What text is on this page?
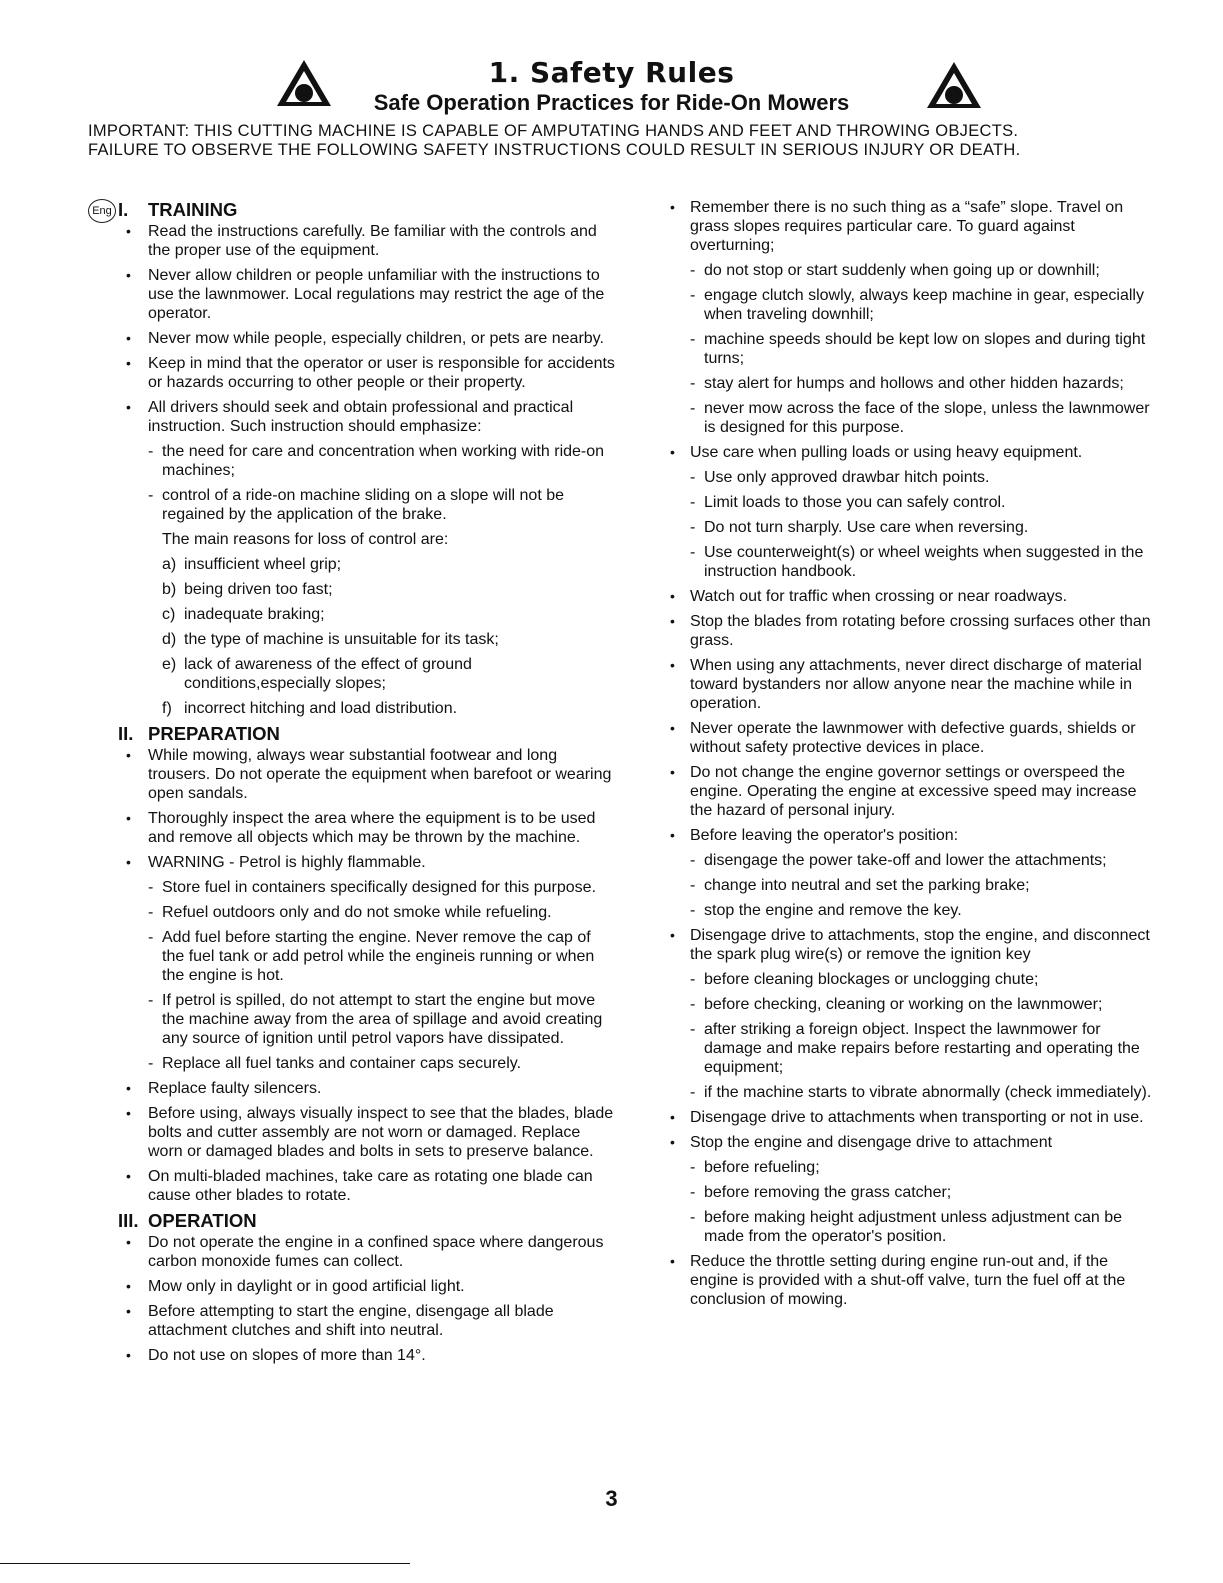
1. Safety Rules
Safe Operation Practices for Ride-On Mowers
IMPORTANT: THIS CUTTING MACHINE IS CAPABLE OF AMPUTATING HANDS AND FEET AND THROWING OBJECTS.
FAILURE TO OBSERVE THE FOLLOWING SAFETY INSTRUCTIONS COULD RESULT IN SERIOUS INJURY OR DEATH.
Eng I. TRAINING
• Read the instructions carefully. Be familiar with the controls and the proper use of the equipment.
• Never allow children or people unfamiliar with the instructions to use the lawnmower. Local regulations may restrict the age of the operator.
• Never mow while people, especially children, or pets are nearby.
• Keep in mind that the operator or user is responsible for accidents or hazards occurring to other people or their property.
• All drivers should seek and obtain professional and practical instruction. Such instruction should emphasize:
- the need for care and concentration when working with ride-on machines;
- control of a ride-on machine sliding on a slope will not be regained by the application of the brake.
The main reasons for loss of control are:
a) insufficient wheel grip;
b) being driven too fast;
c) inadequate braking;
d) the type of machine is unsuitable for its task;
e) lack of awareness of the effect of ground conditions,especially slopes;
f) incorrect hitching and load distribution.
II. PREPARATION
• While mowing, always wear substantial footwear and long trousers. Do not operate the equipment when barefoot or wearing open sandals.
• Thoroughly inspect the area where the equipment is to be used and remove all objects which may be thrown by the machine.
• WARNING - Petrol is highly flammable.
- Store fuel in containers specifically designed for this purpose.
- Refuel outdoors only and do not smoke while refueling.
- Add fuel before starting the engine. Never remove the cap of the fuel tank or add petrol while the engineis running or when the engine is hot.
- If petrol is spilled, do not attempt to start the engine but move the machine away from the area of spillage and avoid creating any source of ignition until petrol vapors have dissipated.
- Replace all fuel tanks and container caps securely.
• Replace faulty silencers.
• Before using, always visually inspect to see that the blades, blade bolts and cutter assembly are not worn or damaged. Replace worn or damaged blades and bolts in sets to preserve balance.
• On multi-bladed machines, take care as rotating one blade can cause other blades to rotate.
III. OPERATION
• Do not operate the engine in a confined space where dangerous carbon monoxide fumes can collect.
• Mow only in daylight or in good artificial light.
• Before attempting to start the engine, disengage all blade attachment clutches and shift into neutral.
• Do not use on slopes of more than 14°.
• Remember there is no such thing as a “safe” slope. Travel on grass slopes requires particular care. To guard against overturning;
- do not stop or start suddenly when going up or downhill;
- engage clutch slowly, always keep machine in gear, especially when traveling downhill;
- machine speeds should be kept low on slopes and during tight turns;
- stay alert for humps and hollows and other hidden hazards;
- never mow across the face of the slope, unless the lawnmower is designed for this purpose.
• Use care when pulling loads or using heavy equipment.
- Use only approved drawbar hitch points.
- Limit loads to those you can safely control.
- Do not turn sharply. Use care when reversing.
- Use counterweight(s) or wheel weights when suggested in the instruction handbook.
• Watch out for traffic when crossing or near roadways.
• Stop the blades from rotating before crossing surfaces other than grass.
• When using any attachments, never direct discharge of material toward bystanders nor allow anyone near the machine while in operation.
• Never operate the lawnmower with defective guards, shields or without safety protective devices in place.
• Do not change the engine governor settings or overspeed the engine. Operating the engine at excessive speed may increase the hazard of personal injury.
• Before leaving the operator's position:
- disengage the power take-off and lower the attachments;
- change into neutral and set the parking brake;
- stop the engine and remove the key.
• Disengage drive to attachments, stop the engine, and disconnect the spark plug wire(s) or remove the ignition key
- before cleaning blockages or unclogging chute;
- before checking, cleaning or working on the lawnmower;
- after striking a foreign object. Inspect the lawnmower for damage and make repairs before restarting and operating the equipment;
- if the machine starts to vibrate abnormally (check immediately).
• Disengage drive to attachments when transporting or not in use.
• Stop the engine and disengage drive to attachment
- before refueling;
- before removing the grass catcher;
- before making height adjustment unless adjustment can be made from the operator's position.
• Reduce the throttle setting during engine run-out and, if the engine is provided with a shut-off valve, turn the fuel off at the conclusion of mowing.
3
